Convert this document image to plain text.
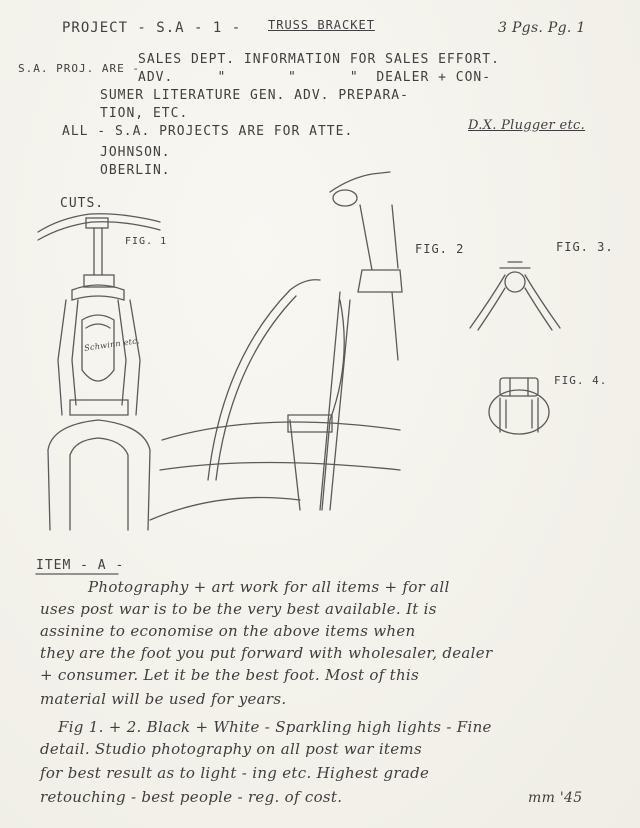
PROJECT - S.A - 1 - TRUSS BRACKET	3 Pgs. Pg. 1
S.A. PROJ. ARE -
SALES DEPT. INFORMATION FOR SALES EFFORT.
ADV.     "       "      "  DEALER + CON-
SUMER LITERATURE GEN. ADV. PREPARA-
TION, ETC.
D.X. Plugger etc.
ALL - S.A. PROJECTS ARE FOR ATTE.
JOHNSON.
OBERLIN.
CUTS.
FIG. 1
FIG. 2	FIG. 3.
FIG. 4.
Schwinn etc.
ITEM - A -
Photography + art work for all items + for all
uses post war is to be the very best available. It is
assinine to economise on the above items when
they are the foot you put forward with wholesaler, dealer
+ consumer. Let it be the best foot. Most of this
material will be used for years.
Fig 1. + 2. Black + White - Sparkling high lights - Fine
detail. Studio photography on all post war items
for best result as to light - ing etc. Highest grade
retouching - best people - reg. of cost.	mm '45
